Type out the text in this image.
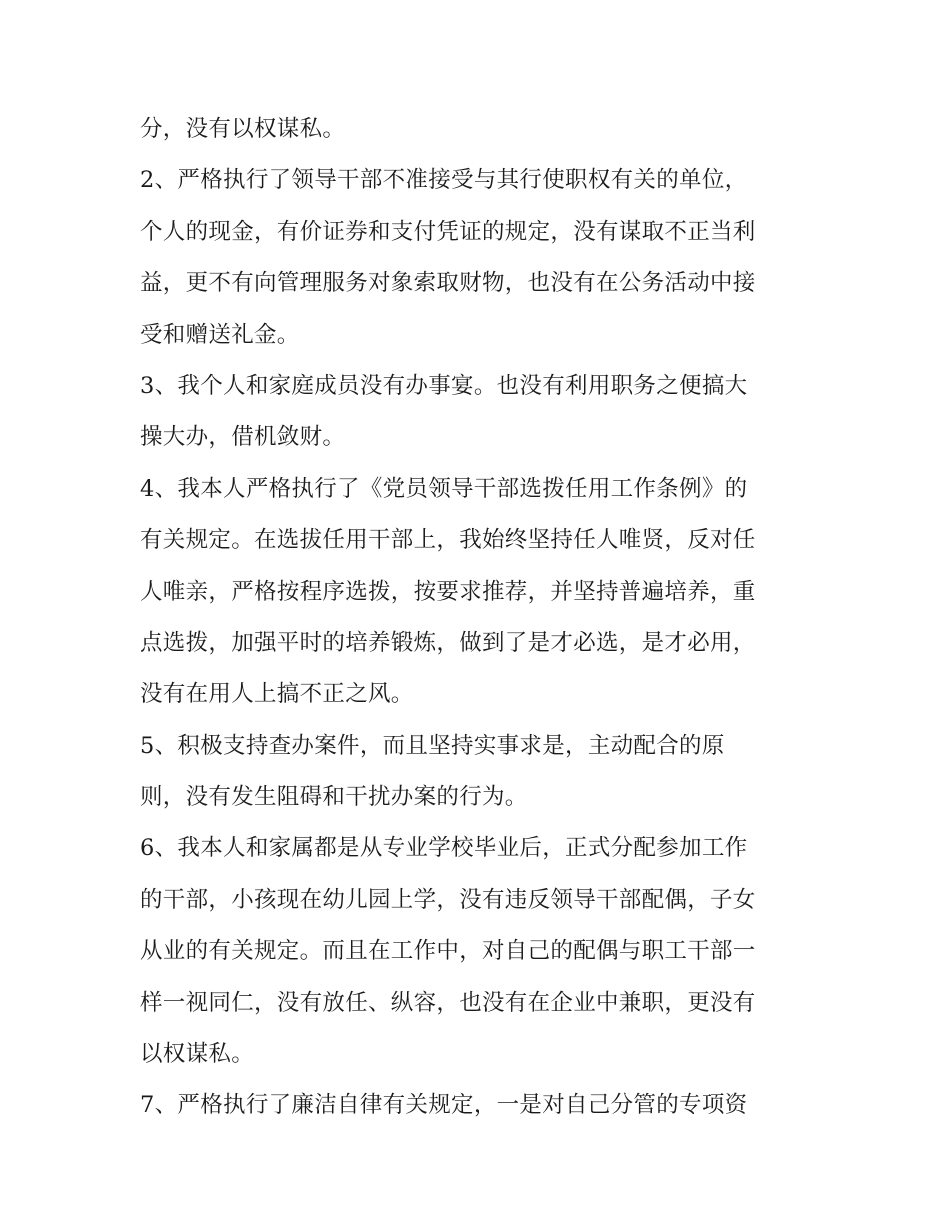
分，没有以权谋私。
2、严格执行了领导干部不准接受与其行使职权有关的单位，
个人的现金，有价证券和支付凭证的规定，没有谋取不正当利
益，更不有向管理服务对象索取财物，也没有在公务活动中接
受和赠送礼金。
3、我个人和家庭成员没有办事宴。也没有利用职务之便搞大
操大办，借机敛财。
4、我本人严格执行了《党员领导干部选拨任用工作条例》的
有关规定。在选拔任用干部上，我始终坚持任人唯贤，反对任
人唯亲，严格按程序选拨，按要求推荐，并坚持普遍培养，重
点选拨，加强平时的培养锻炼，做到了是才必选，是才必用，
没有在用人上搞不正之风。
5、积极支持查办案件，而且坚持实事求是，主动配合的原
则，没有发生阻碍和干扰办案的行为。
6、我本人和家属都是从专业学校毕业后，正式分配参加工作
的干部，小孩现在幼儿园上学，没有违反领导干部配偶，子女
从业的有关规定。而且在工作中，对自己的配偶与职工干部一
样一视同仁，没有放任、纵容，也没有在企业中兼职，更没有
以权谋私。
7、严格执行了廉洁自律有关规定，一是对自己分管的专项资
